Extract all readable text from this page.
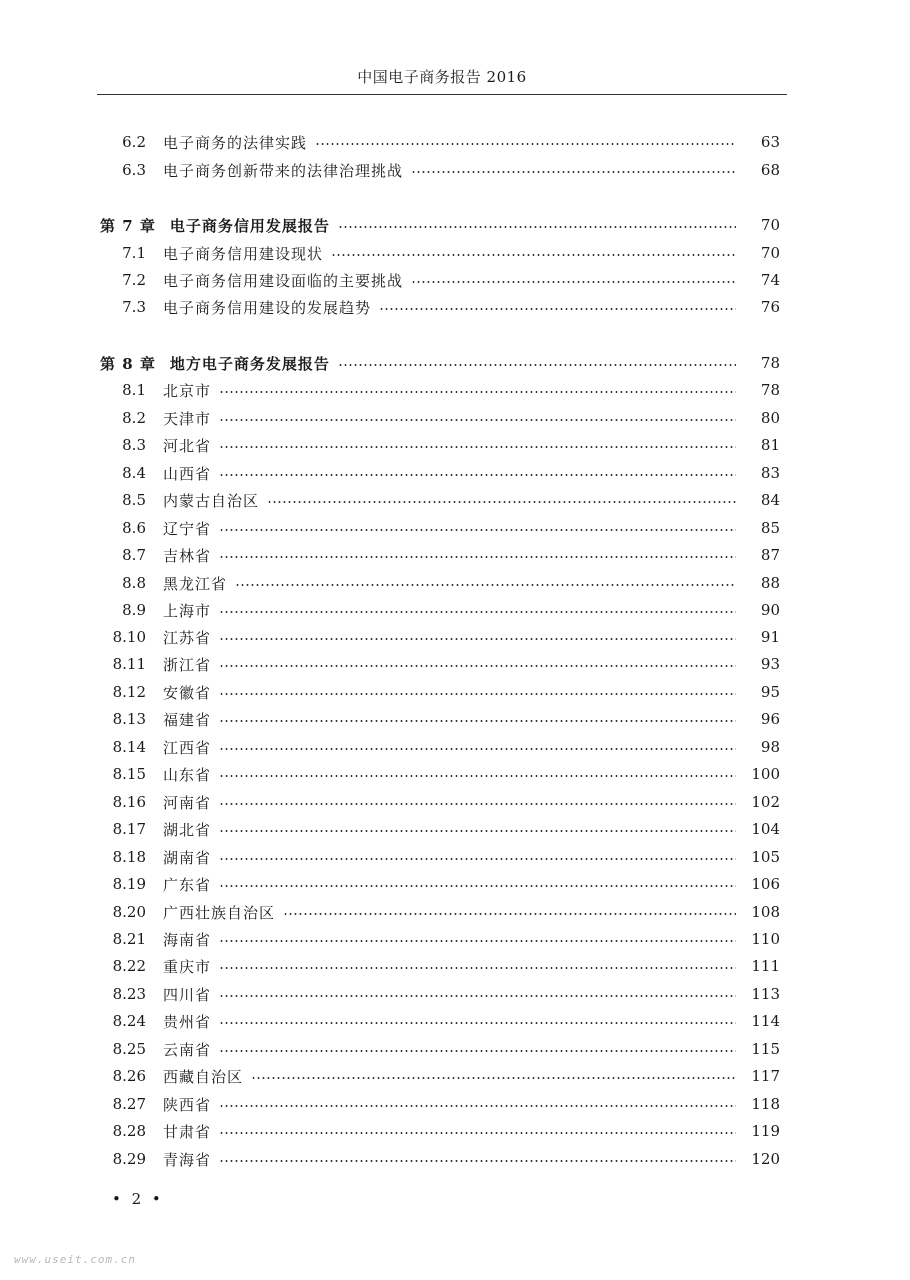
中国电子商务报告 2016
6.2 电子商务的法律实践	63
6.3 电子商务创新带来的法律治理挑战	68
第 7 章 电子商务信用发展报告	70
7.1 电子商务信用建设现状	70
7.2 电子商务信用建设面临的主要挑战	74
7.3 电子商务信用建设的发展趋势	76
第 8 章 地方电子商务发展报告	78
8.1 北京市	78
8.2 天津市	80
8.3 河北省	81
8.4 山西省	83
8.5 内蒙古自治区	84
8.6 辽宁省	85
8.7 吉林省	87
8.8 黑龙江省	88
8.9 上海市	90
8.10 江苏省	91
8.11 浙江省	93
8.12 安徽省	95
8.13 福建省	96
8.14 江西省	98
8.15 山东省	100
8.16 河南省	102
8.17 湖北省	104
8.18 湖南省	105
8.19 广东省	106
8.20 广西壮族自治区	108
8.21 海南省	110
8.22 重庆市	111
8.23 四川省	113
8.24 贵州省	114
8.25 云南省	115
8.26 西藏自治区	117
8.27 陕西省	118
8.28 甘肃省	119
8.29 青海省	120
• 2 •
www.useit.com.cn
